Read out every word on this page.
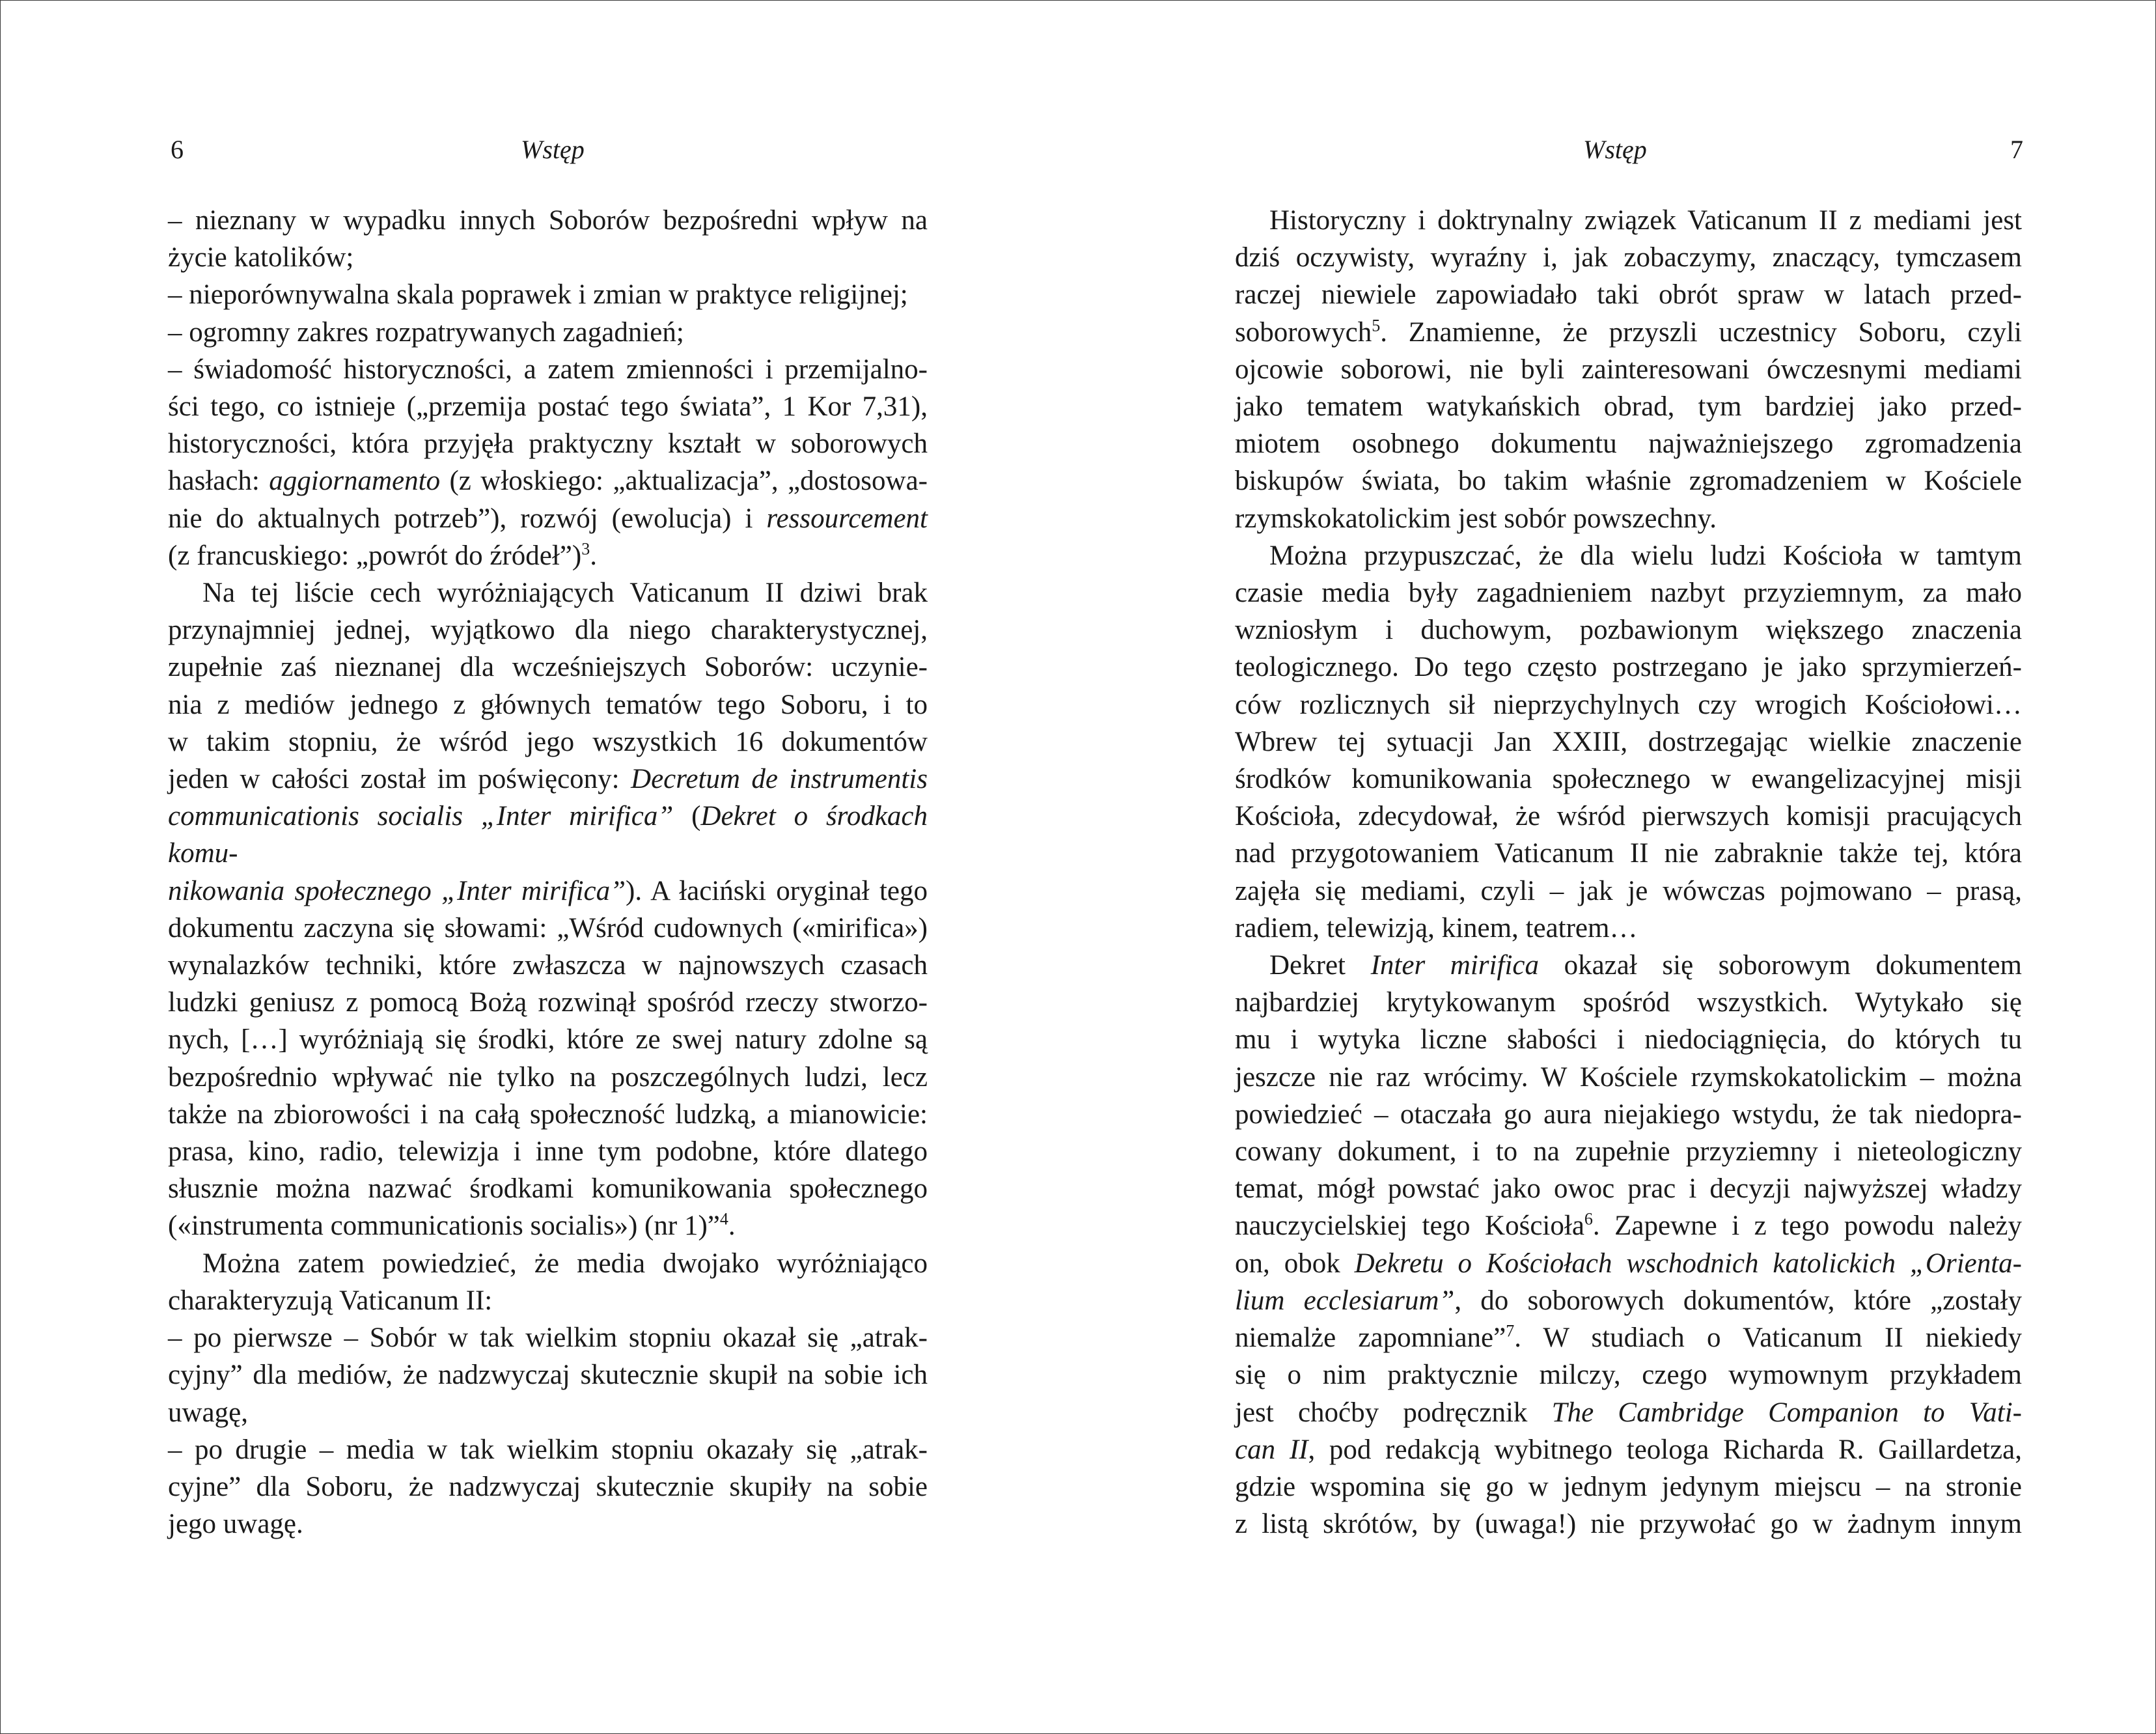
6	Wstęp

– nieznany w wypadku innych Soborów bezpośredni wpływ na
życie katolików;
– nieporównywalna skala poprawek i zmian w praktyce religijnej;
– ogromny zakres rozpatrywanych zagadnień;
– świadomość historyczności, a zatem zmienności i przemijalno-
ści tego, co istnieje („przemija postać tego świata”, 1 Kor 7,31),
historyczności, która przyjęła praktyczny kształt w soborowych
hasłach: aggiornamento (z włoskiego: „aktualizacja”, „dostosowa-
nie do aktualnych potrzeb”), rozwój (ewolucja) i ressourcement
(z francuskiego: „powrót do źródeł”)$^3$.

Na tej liście cech wyróżniających Vaticanum II dziwi brak
przynajmniej jednej, wyjątkowo dla niego charakterystycznej,
zupełnie zaś nieznanej dla wcześniejszych Soborów: uczynie-
nia z mediów jednego z głównych tematów tego Soboru, i to
w takim stopniu, że wśród jego wszystkich 16 dokumentów
jeden w całości został im poświęcony: Decretum de instrumentis
communicationis socialis „Inter mirifica” (Dekret o środkach komu-
nikowania społecznego „Inter mirifica”). A łaciński oryginał tego
dokumentu zaczyna się słowami: „Wśród cudownych («mirifica»)
wynalazków techniki, które zwłaszcza w najnowszych czasach
ludzki geniusz z pomocą Bożą rozwinął spośród rzeczy stworzo-
nych, […] wyróżniają się środki, które ze swej natury zdolne są
bezpośrednio wpływać nie tylko na poszczególnych ludzi, lecz
także na zbiorowości i na całą społeczność ludzką, a mianowicie:
prasa, kino, radio, telewizja i inne tym podobne, które dlatego
słusznie można nazwać środkami komunikowania społecznego
(«instrumenta communicationis socialis») (nr 1)”$^4$.

Można zatem powiedzieć, że media dwojako wyróżniająco
charakteryzują Vaticanum II:
– po pierwsze – Sobór w tak wielkim stopniu okazał się „atrak-
cyjny” dla mediów, że nadzwyczaj skutecznie skupił na sobie ich
uwagę,
– po drugie – media w tak wielkim stopniu okazały się „atrak-
cyjne” dla Soboru, że nadzwyczaj skutecznie skupiły na sobie
jego uwagę.

Wstęp	7

Historyczny i doktrynalny związek Vaticanum II z mediami jest
dziś oczywisty, wyraźny i, jak zobaczymy, znaczący, tymczasem
raczej niewiele zapowiadało taki obrót spraw w latach przed-
soborowych$^5$. Znamienne, że przyszli uczestnicy Soboru, czyli
ojcowie soborowi, nie byli zainteresowani ówczesnymi mediami
jako tematem watykańskich obrad, tym bardziej jako przed-
miotem osobnego dokumentu najważniejszego zgromadzenia
biskupów świata, bo takim właśnie zgromadzeniem w Kościele
rzymskokatolickim jest sobór powszechny.

Można przypuszczać, że dla wielu ludzi Kościoła w tamtym
czasie media były zagadnieniem nazbyt przyziemnym, za mało
wzniosłym i duchowym, pozbawionym większego znaczenia
teologicznego. Do tego często postrzegano je jako sprzymierzeń-
ców rozlicznych sił nieprzychylnych czy wrogich Kościołowi…
Wbrew tej sytuacji Jan XXIII, dostrzegając wielkie znaczenie
środków komunikowania społecznego w ewangelizacyjnej misji
Kościoła, zdecydował, że wśród pierwszych komisji pracujących
nad przygotowaniem Vaticanum II nie zabraknie także tej, która
zajęła się mediami, czyli – jak je wówczas pojmowano – prasą,
radiem, telewizją, kinem, teatrem…

Dekret Inter mirifica okazał się soborowym dokumentem
najbardziej krytykowanym spośród wszystkich. Wytykało się
mu i wytyka liczne słabości i niedociągnięcia, do których tu
jeszcze nie raz wrócimy. W Kościele rzymskokatolickim – można
powiedzieć – otaczała go aura niejakiego wstydu, że tak niedopra-
cowany dokument, i to na zupełnie przyziemny i nieteologiczny
temat, mógł powstać jako owoc prac i decyzji najwyższej władzy
nauczycielskiej tego Kościoła$^6$. Zapewne i z tego powodu należy
on, obok Dekretu o Kościołach wschodnich katolickich „Orienta-
lium ecclesiarum”, do soborowych dokumentów, które „zostały
niemalże zapomniane”$^7$. W studiach o Vaticanum II niekiedy
się o nim praktycznie milczy, czego wymownym przykładem
jest choćby podręcznik The Cambridge Companion to Vati-
can II, pod redakcją wybitnego teologa Richarda R. Gaillardetza,
gdzie wspomina się go w jednym jedynym miejscu – na stronie
z listą skrótów, by (uwaga!) nie przywołać go w żadnym innym
